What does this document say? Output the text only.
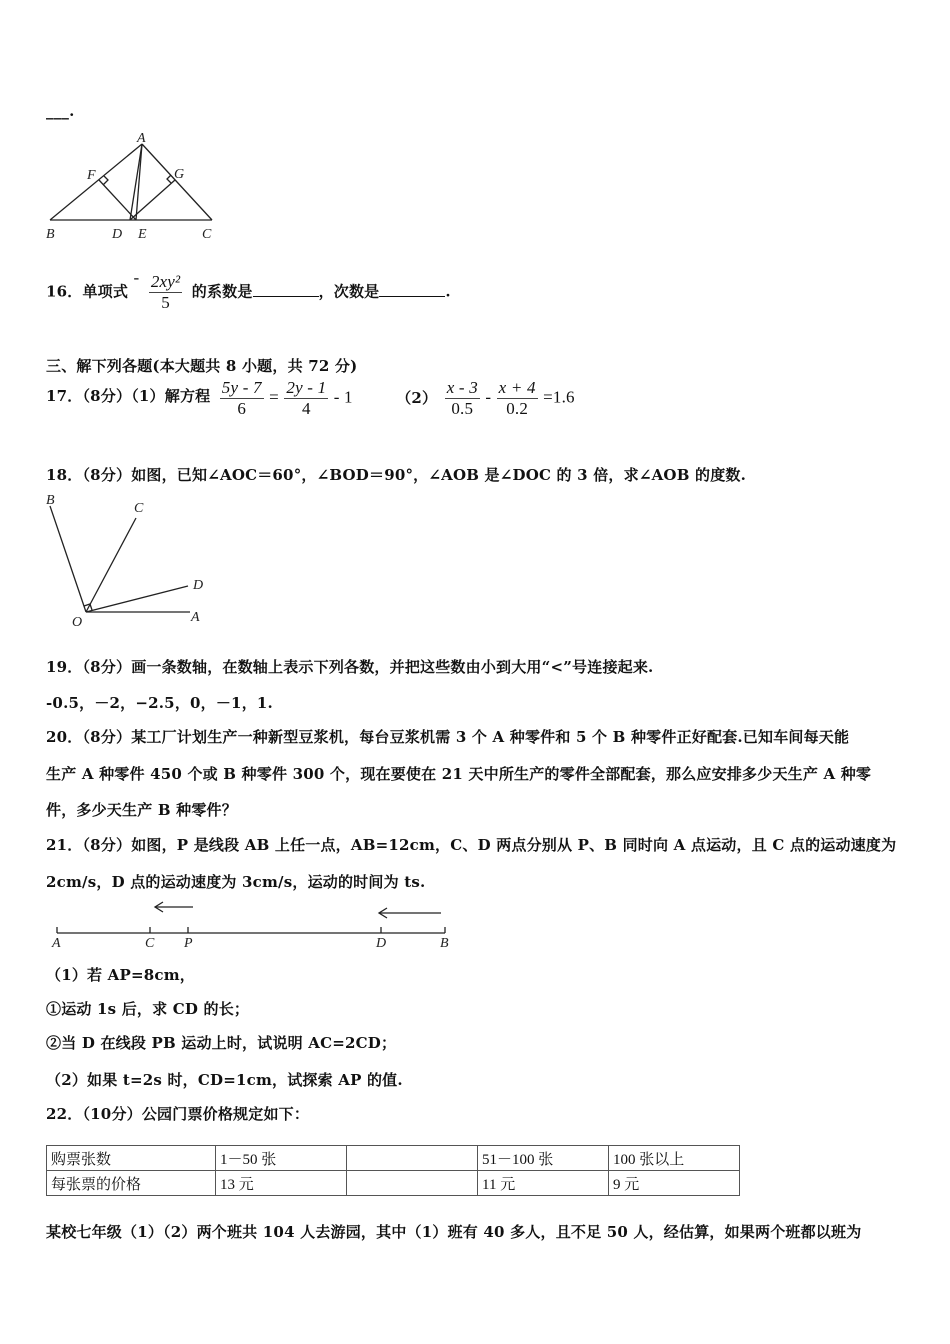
___.
A
F	G
B	D E	C
16．单项式 - $\frac{\text{2xy²}}{5}$ 的系数是	，次数是	.
三、解下列各题(本大题共 8 小题，共 72 分)
17．（8分）（1）解方程 $\frac{5y - 7}{6} = \frac{2y - 1}{4} - 1$	$(2) \frac{x - 3}{0.5} - \frac{x + 4}{0.2} =1.6$
18．（8分）如图，已知∠AOC＝60°，∠BOD＝90°，∠AOB 是∠DOC 的 3 倍，求∠AOB 的度数.
B
C
D
O	A
19．（8分）画一条数轴，在数轴上表示下列各数，并把这些数由小到大用“<”号连接起来.
-0.5，－2，−2.5，0，－1，1.
20．（8分）某工厂计划生产一种新型豆浆机，每台豆浆机需 3 个 A 种零件和 5 个 B 种零件正好配套.已知车间每天能
生产 A 种零件 450 个或 B 种零件 300 个，现在要使在 21 天中所生产的零件全部配套，那么应安排多少天生产 A 种零
件，多少天生产 B 种零件？
21．（8分）如图，P 是线段 AB 上任一点，AB=12cm，C、D 两点分别从 P、B 同时向 A 点运动，且 C 点的运动速度为
2cm/s，D 点的运动速度为 3cm/s，运动的时间为 ts.
A	C P	D	B
（1）若 AP=8cm，
①运动 1s 后，求 CD 的长；
②当 D 在线段 PB 运动上时，试说明 AC=2CD；
（2）如果 t=2s 时，CD=1cm，试探索 AP 的值.
22．（10分）公园门票价格规定如下：
购票张数	1－50 张		51－100 张	100 张以上
每张票的价格	13 元		11 元	9 元
某校七年级（1）（2）两个班共 104 人去游园，其中（1）班有 40 多人，且不足 50 人，经估算，如果两个班都以班为
